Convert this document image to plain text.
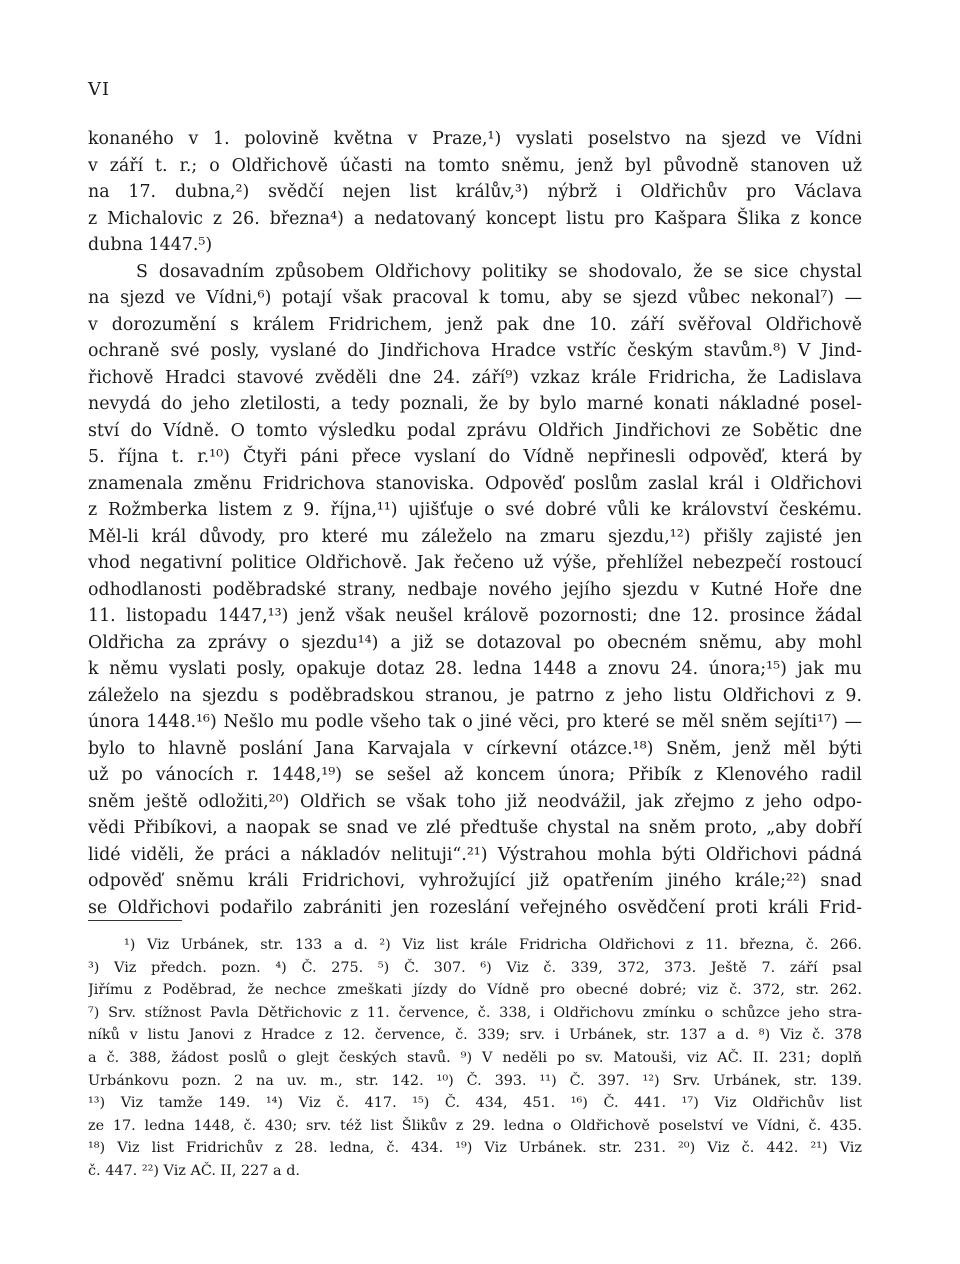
VI
konaného v 1. polovině května v Praze,¹) vyslati poselstvo na sjezd ve Vídni
v září t. r.; o Oldřichově účasti na tomto sněmu, jenž byl původně stanoven už
na 17. dubna,²) svědčí nejen list králův,³) nýbrž i Oldřichův pro Václava
z Michalovic z 26. března⁴) a nedatovaný koncept listu pro Kašpara Šlika z konce
dubna 1447.⁵)
S dosavadním způsobem Oldřichovy politiky se shodovalo, že se sice chystal
na sjezd ve Vídni,⁶) potají však pracoval k tomu, aby se sjezd vůbec nekonal⁷) —
v dorozumění s králem Fridrichem, jenž pak dne 10. září svěřoval Oldřichově
ochraně své posly, vyslané do Jindřichova Hradce vstříc českým stavům.⁸) V Jind-
řichově Hradci stavové zvěděli dne 24. září⁹) vzkaz krále Fridricha, že Ladislava
nevydá do jeho zletilosti, a tedy poznali, že by bylo marné konati nákladné posel-
ství do Vídně. O tomto výsledku podal zprávu Oldřich Jindřichovi ze Sobětic dne
5. října t. r.¹⁰) Čtyři páni přece vyslaní do Vídně nepřinesli odpověď, která by
znamenala změnu Fridrichova stanoviska. Odpověď poslům zaslal král i Oldřichovi
z Rožmberka listem z 9. října,¹¹) ujišťuje o své dobré vůli ke království českému.
Měl-li král důvody, pro které mu záleželo na zmaru sjezdu,¹²) přišly zajisté jen
vhod negativní politice Oldřichově. Jak řečeno už výše, přehlížel nebezpečí rostoucí
odhodlanosti poděbradské strany, nedbaje nového jejího sjezdu v Kutné Hoře dne
11. listopadu 1447,¹³) jenž však neušel královĕ pozornosti; dne 12. prosince žádal
Oldřicha za zprávy o sjezdu¹⁴) a již se dotazoval po obecném sněmu, aby mohl
k němu vyslati posly, opakuje dotaz 28. ledna 1448 a znovu 24. února;¹⁵) jak mu
záleželo na sjezdu s poděbradskou stranou, je patrno z jeho listu Oldřichovi z 9.
února 1448.¹⁶) Nešlo mu podle všeho tak o jiné věci, pro které se měl sněm sejíti¹⁷) —
bylo to hlavně poslání Jana Karvajala v církevní otázce.¹⁸) Sněm, jenž měl býti
už po vánocích r. 1448,¹⁹) se sešel až koncem února; Přibík z Klenového radil
sněm ještě odložiti,²⁰) Oldřich se však toho již neodvážil, jak zřejmo z jeho odpo-
vědi Přibíkovi, a naopak se snad ve zlé předtuše chystal na sněm proto, „aby dobří
lidé viděli, že práci a nákladóv nelituji“.²¹) Výstrahou mohla býti Oldřichovi pádná
odpověď sněmu králi Fridrichovi, vyhrožující již opatřením jiného krále;²²) snad
se Oldřichovi podařilo zabrániti jen rozeslání veřejného osvědčení proti králi Frid-
¹) Viz Urbánek, str. 133 a d. ²) Viz list krále Fridricha Oldřichovi z 11. března, č. 266.
³) Viz předch. pozn. ⁴) Č. 275. ⁵) Č. 307. ⁶) Viz č. 339, 372, 373. Ještě 7. září psal
Jiřímu z Poděbrad, že nechce zmeškati jízdy do Vídně pro obecné dobré; viz č. 372, str. 262.
⁷) Srv. stížnost Pavla Dětřichovic z 11. července, č. 338, i Oldřichovu zmínku o schůzce jeho stra-
níků v listu Janovi z Hradce z 12. července, č. 339; srv. i Urbánek, str. 137 a d. ⁸) Viz č. 378
a č. 388, žádost poslů o glejt českých stavů. ⁹) V neděli po sv. Matouši, viz AČ. II. 231; doplň
Urbánkovu pozn. 2 na uv. m., str. 142. ¹⁰) Č. 393. ¹¹) Č. 397. ¹²) Srv. Urbánek, str. 139.
¹³) Viz tamže 149. ¹⁴) Viz č. 417. ¹⁵) Č. 434, 451. ¹⁶) Č. 441. ¹⁷) Viz Oldřichův list
ze 17. ledna 1448, č. 430; srv. též list Šlikův z 29. ledna o Oldřichově poselství ve Vídni, č. 435.
¹⁸) Viz list Fridrichův z 28. ledna, č. 434. ¹⁹) Viz Urbánek. str. 231. ²⁰) Viz č. 442. ²¹) Viz
č. 447. ²²) Viz AČ. II, 227 a d.
